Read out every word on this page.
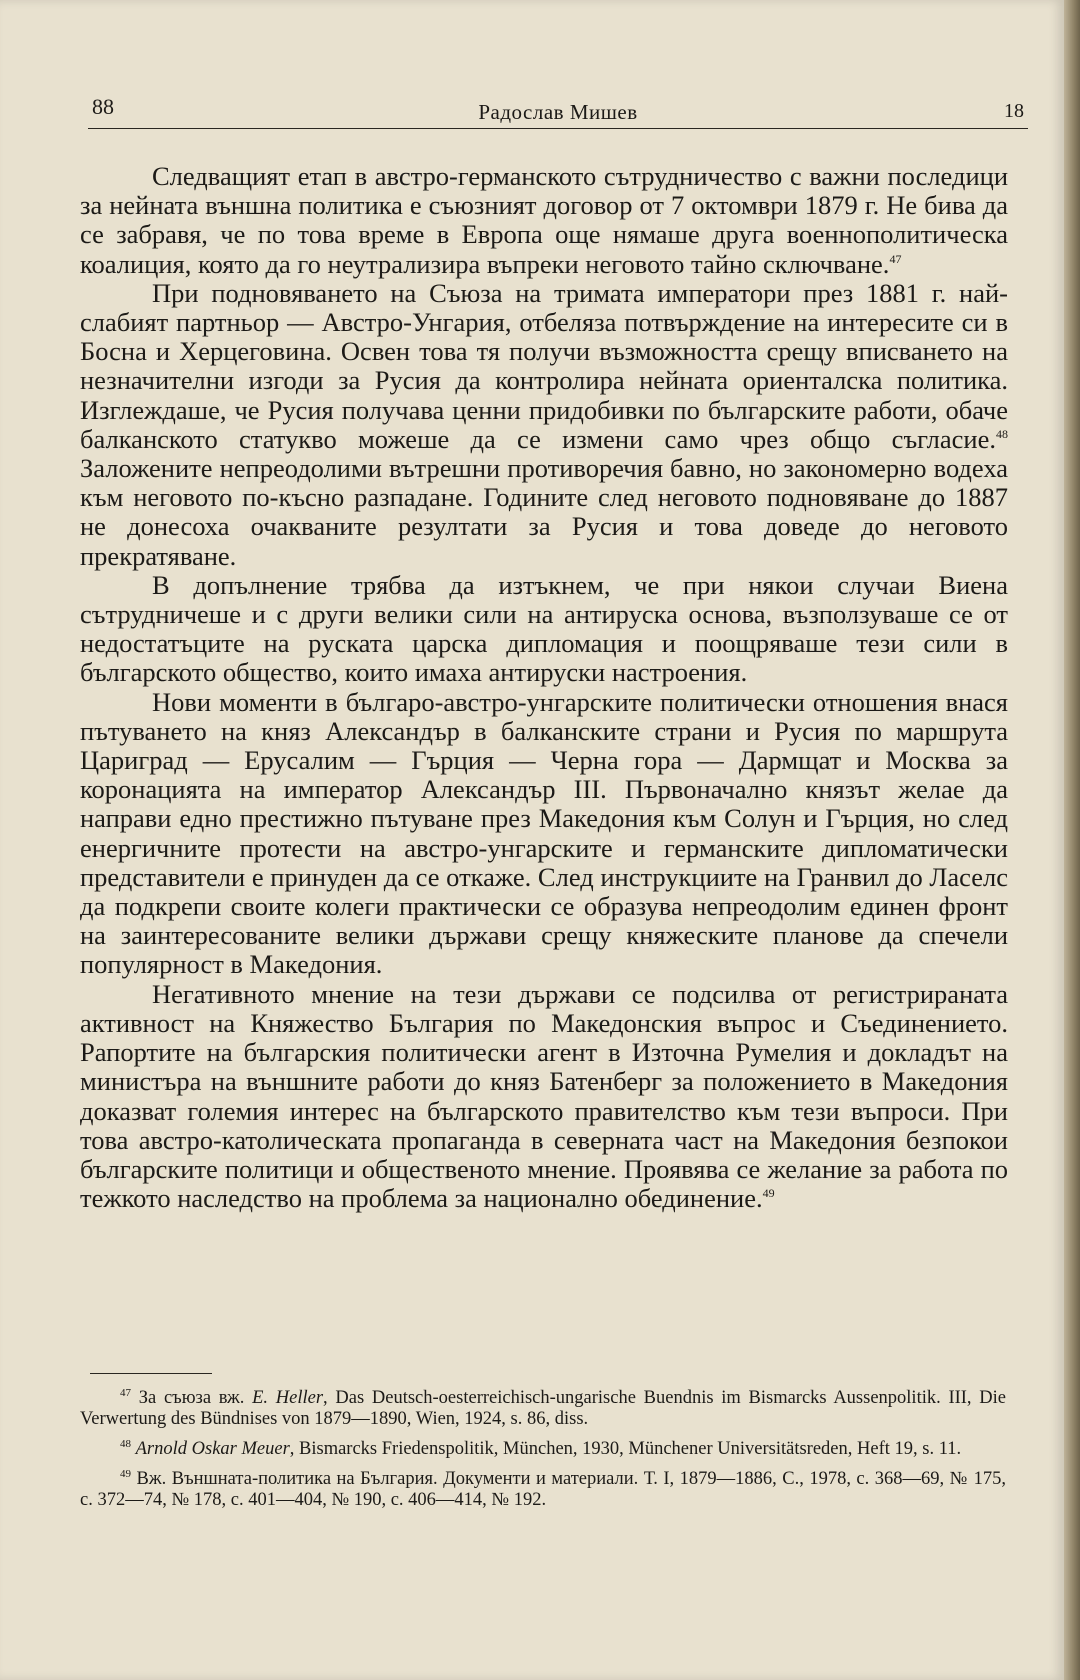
88	Радослав Мишев	18

Следващият етап в австро-германското сътрудничество с важни последици за нейната външна политика е съюзният договор от 7 октомври 1879 г. Не бива да се забравя, че по това време в Европа още нямаше друга военнополитическа коалиция, която да го неутрализира въпреки неговото тайно сключване.$^{47}$

При подновяването на Съюза на тримата императори през 1881 г. най-слабият партньор — Австро-Унгария, отбеляза потвърждение на интересите си в Босна и Херцеговина. Освен това тя получи възможността срещу вписването на незначителни изгоди за Русия да контролира нейната ориенталска политика. Изглеждаше, че Русия получава ценни придобивки по българските работи, обаче балканското статукво можеше да се измени само чрез общо съгласие.$^{48}$ Заложените непреодолими вътрешни противоречия бавно, но закономерно водеха към неговото по-късно разпадане. Годините след неговото подновяване до 1887 не донесоха очакваните резултати за Русия и това доведе до неговото прекратяване.

В допълнение трябва да изтъкнем, че при някои случаи Виена сътрудничеше и с други велики сили на антируска основа, възползуваше се от недостатъците на руската царска дипломация и поощряваше тези сили в българското общество, които имаха антируски настроения.

Нови моменти в българо-австро-унгарските политически отношения внася пътуването на княз Александър в балканските страни и Русия по маршрута Цариград — Ерусалим — Гърция — Черна гора — Дармщат и Москва за коронацията на император Александър III. Първоначално князът желае да направи едно престижно пътуване през Македония към Солун и Гърция, но след енергичните протести на австро-унгарските и германските дипломатически представители е принуден да се откаже. След инструкциите на Гранвил до Ласелс да подкрепи своите колеги практически се образува непреодолим единен фронт на заинтересованите велики държави срещу княжеските планове да спечели популярност в Македония.

Негативното мнение на тези държави се подсилва от регистрираната активност на Княжество България по Македонския въпрос и Съединението. Рапортите на българския политически агент в Източна Румелия и докладът на министъра на външните работи до княз Батенберг за положението в Македония доказват големия интерес на българското правителство към тези въпроси. При това австро-католическата пропаганда в северната част на Македония безпокои българските политици и общественото мнение. Проявява се желание за работа по тежкото наследство на проблема за национално обединение.$^{49}$

$^{47}$ За съюза вж. E. Heller, Das Deutsch-oesterreichisch-ungarische Buendnis im Bismarcks Aussenpolitik. III, Die Verwertung des Bündnises von 1879—1890, Wien, 1924, s. 86, diss.

$^{48}$ Arnold Oskar Meuer, Bismarcks Friedenspolitik, München, 1930, Münchener Universitätsreden, Heft 19, s. 11.

$^{49}$ Вж. Външната-политика на България. Документи и материали. Т. I, 1879—1886, С., 1978, с. 368—69, № 175, с. 372—74, № 178, с. 401—404, № 190, с. 406—414, № 192.
